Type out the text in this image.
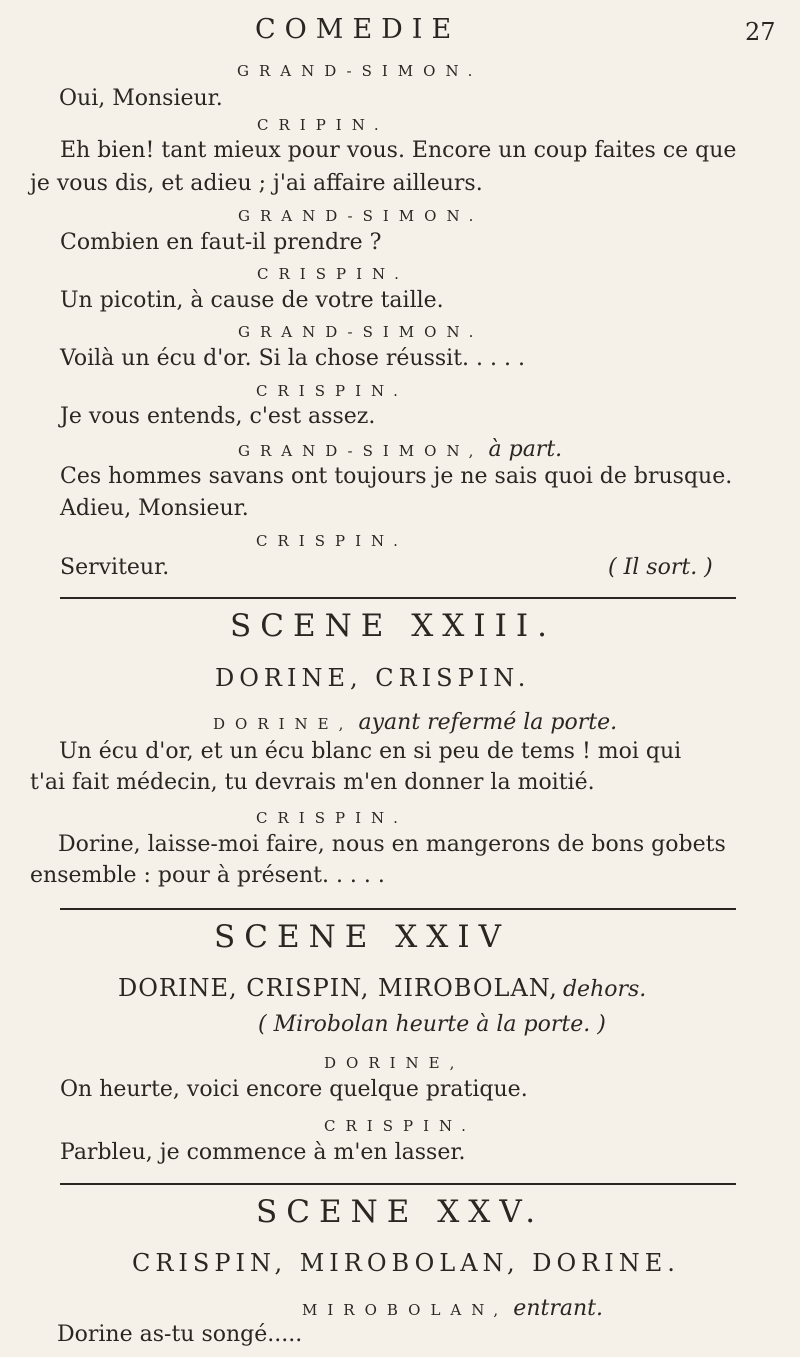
COMEDIE	27
GRAND-SIMON.
Oui, Monsieur.
CRIPIN.
Eh bien! tant mieux pour vous. Encore un coup faites ce que
je vous dis, et adieu ; j'ai affaire ailleurs.
GRAND-SIMON.
Combien en faut-il prendre ?
CRISPIN.
Un picotin, à cause de votre taille.
GRAND-SIMON.
Voilà un écu d'or. Si la chose réussit. . . . .
CRISPIN.
Je vous entends, c'est assez.
GRAND-SIMON, à part.
Ces hommes savans ont toujours je ne sais quoi de brusque.
Adieu, Monsieur.
CRISPIN.
Serviteur.	( Il sort. )
SCENE XXIII.
DORINE, CRISPIN.
DORINE, ayant refermé la porte.
Un écu d'or, et un écu blanc en si peu de tems ! moi qui
t'ai fait médecin, tu devrais m'en donner la moitié.
CRISPIN.
Dorine, laisse-moi faire, nous en mangerons de bons gobets
ensemble : pour à présent. . . . .
SCENE XXIV
DORINE, CRISPIN, MIROBOLAN, dehors.
( Mirobolan heurte à la porte. )
DORINE,
On heurte, voici encore quelque pratique.
CRISPIN.
Parbleu, je commence à m'en lasser.
SCENE XXV.
CRISPIN, MIROBOLAN, DORINE.
MIROBOLAN, entrant.
Dorine as-tu songé.....
